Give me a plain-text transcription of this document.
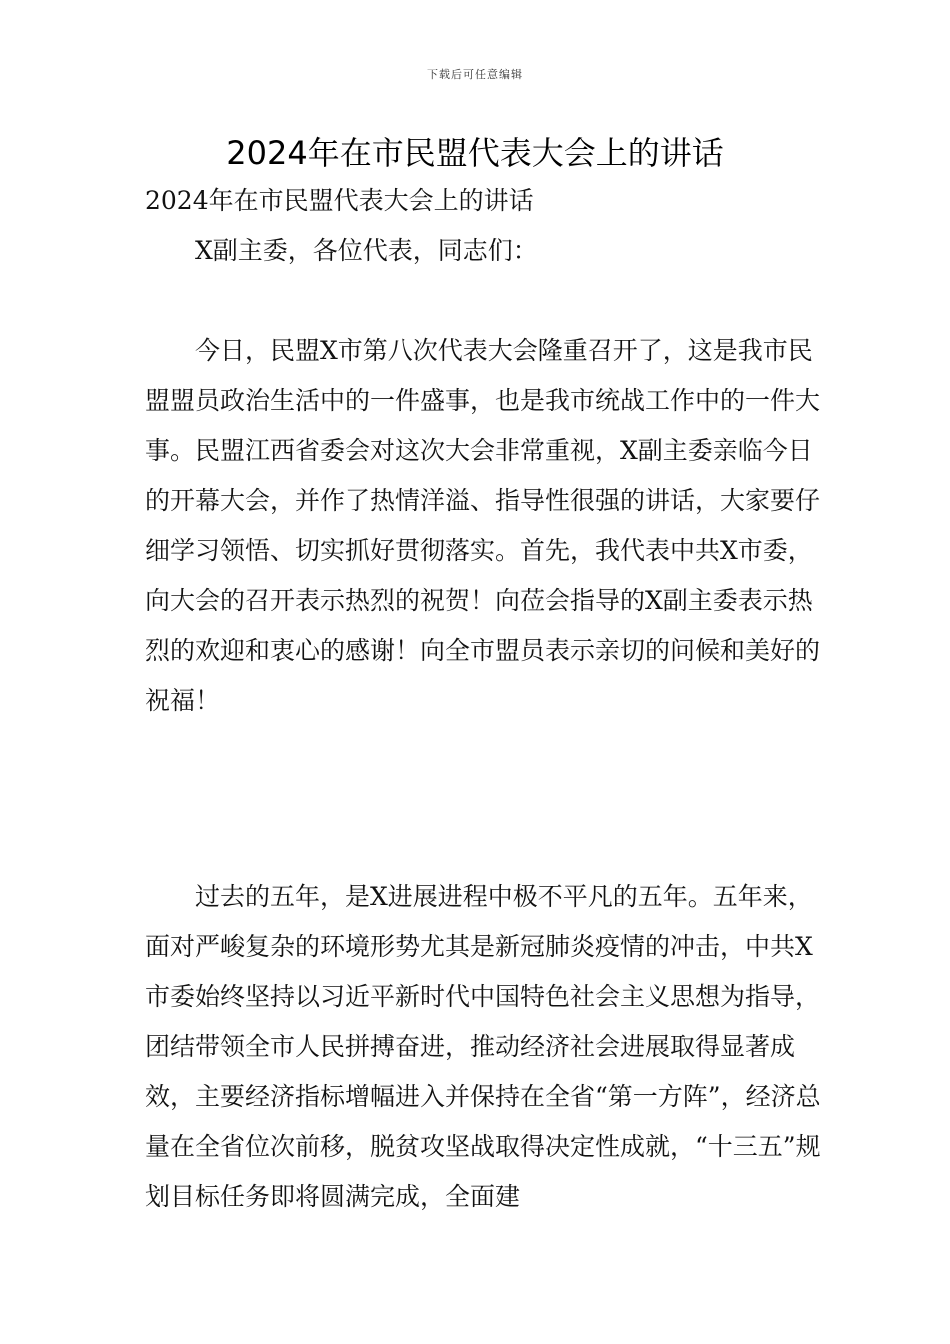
下载后可任意编辑
2024年在市民盟代表大会上的讲话

2024年在市民盟代表大会上的讲话

X副主委，各位代表，同志们：

今日，民盟X市第八次代表大会隆重召开了，这是我市民盟盟员政治生活中的一件盛事，也是我市统战工作中的一件大事。民盟江西省委会对这次大会非常重视，X副主委亲临今日的开幕大会，并作了热情洋溢、指导性很强的讲话，大家要仔细学习领悟、切实抓好贯彻落实。首先，我代表中共X市委，向大会的召开表示热烈的祝贺！向莅会指导的X副主委表示热烈的欢迎和衷心的感谢！向全市盟员表示亲切的问候和美好的祝福！

过去的五年，是X进展进程中极不平凡的五年。五年来，面对严峻复杂的环境形势尤其是新冠肺炎疫情的冲击，中共X市委始终坚持以习近平新时代中国特色社会主义思想为指导，团结带领全市人民拼搏奋进，推动经济社会进展取得显著成效，主要经济指标增幅进入并保持在全省“第一方阵”，经济总量在全省位次前移，脱贫攻坚战取得决定性成就，“十三五”规划目标任务即将圆满完成，全面建
